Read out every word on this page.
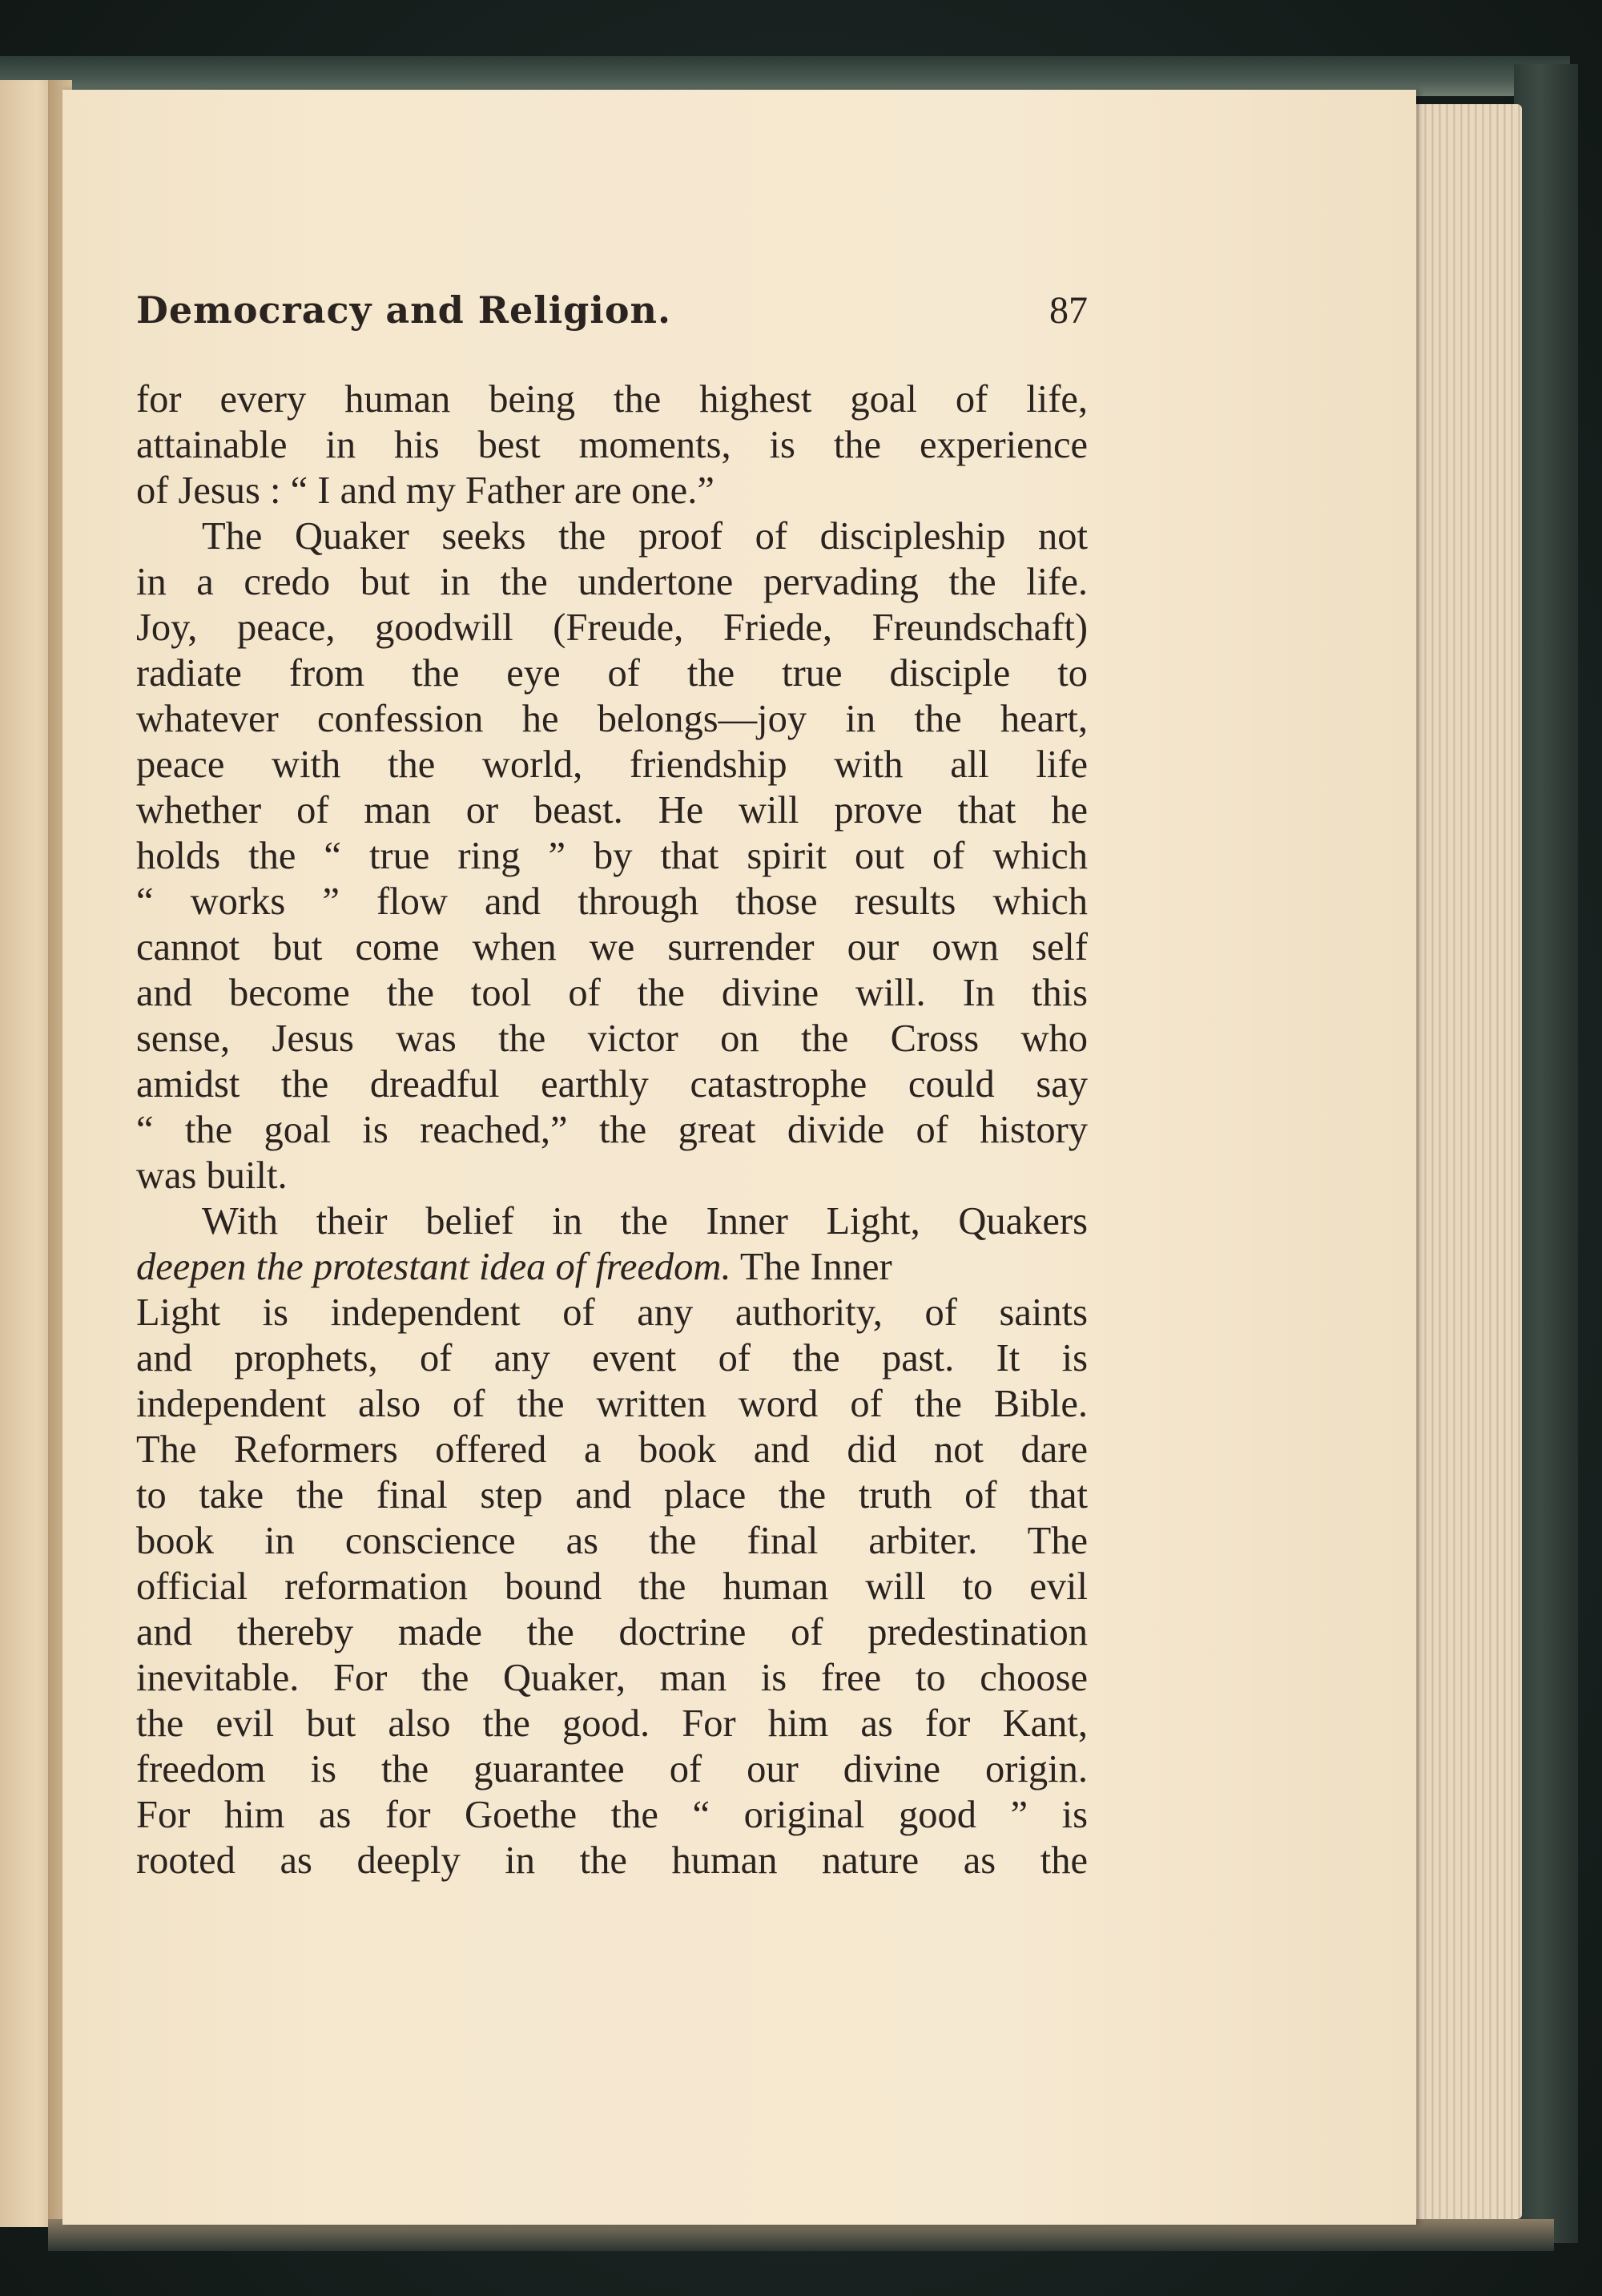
Democracy and Religion.	87
for every human being the highest goal of life,
attainable in his best moments, is the experience
of Jesus : “ I and my Father are one.”
The Quaker seeks the proof of discipleship not
in a credo but in the undertone pervading the life.
Joy, peace, goodwill (Freude, Friede, Freundschaft)
radiate from the eye of the true disciple to
whatever confession he belongs—joy in the heart,
peace with the world, friendship with all life
whether of man or beast. He will prove that he
holds the “ true ring ” by that spirit out of which
“ works ” flow and through those results which
cannot but come when we surrender our own self
and become the tool of the divine will. In this
sense, Jesus was the victor on the Cross who
amidst the dreadful earthly catastrophe could say
“ the goal is reached,” the great divide of history
was built.
With their belief in the Inner Light, Quakers
deepen the protestant idea of freedom. The Inner
Light is independent of any authority, of saints
and prophets, of any event of the past. It is
independent also of the written word of the Bible.
The Reformers offered a book and did not dare
to take the final step and place the truth of that
book in conscience as the final arbiter. The
official reformation bound the human will to evil
and thereby made the doctrine of predestination
inevitable. For the Quaker, man is free to choose
the evil but also the good. For him as for Kant,
freedom is the guarantee of our divine origin.
For him as for Goethe the “ original good ” is
rooted as deeply in the human nature as the
